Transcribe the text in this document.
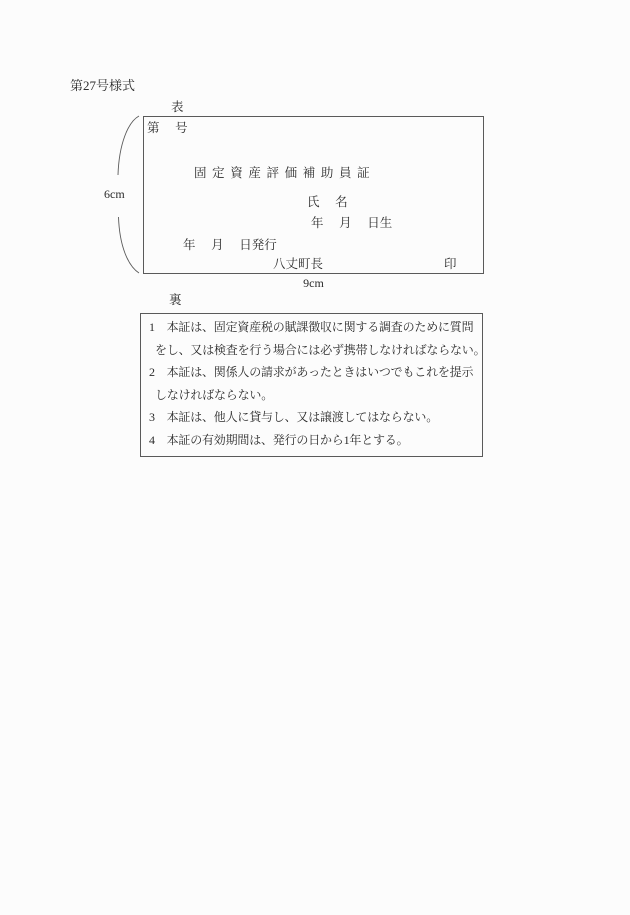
第27号様式
表
6cm
第　 号
固 定 資 産 評 価 補 助 員 証
氏　 名
年　 月　 日生
年　 月　 日発行
八丈町長	印
9cm
裏
1　本証は、固定資産税の賦課徴収に関する調査のために質問
をし、又は検査を行う場合には必ず携帯しなければならない。
2　本証は、関係人の請求があったときはいつでもこれを提示
しなければならない。
3　本証は、他人に貸与し、又は譲渡してはならない。
4　本証の有効期間は、発行の日から1年とする。
